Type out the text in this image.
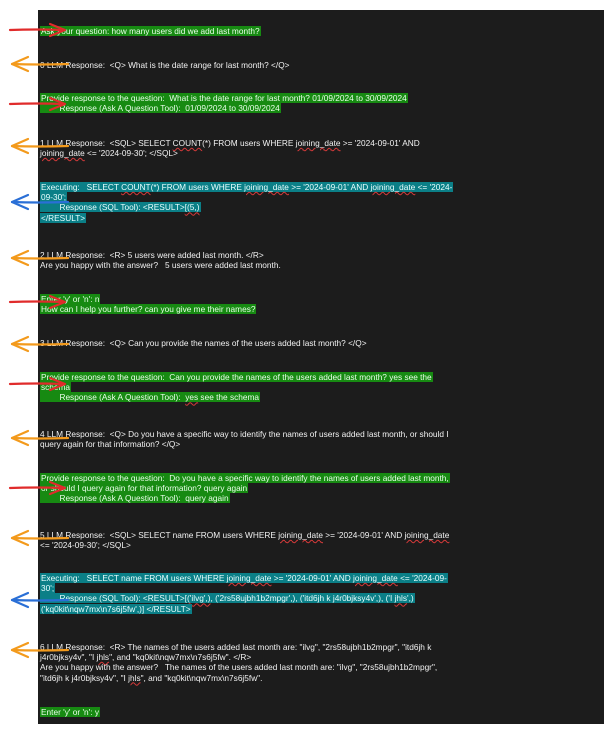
Ask your question: how many users did we add last month?
0 LLM Response:  <Q> What is the date range for last month? </Q>
Provide response to the question:  What is the date range for last month? 01/09/2024 to 30/09/2024
Response (Ask A Question Tool):  01/09/2024 to 30/09/2024
1 LLM Response:  <SQL> SELECT COUNT(*) FROM users WHERE joining_date >= '2024-09-01' AND
joining_date <= '2024-09-30'; </SQL>
Executing:   SELECT COUNT(*) FROM users WHERE joining_date >= '2024-09-01' AND joining_date <= '2024-
09-30';
Response (SQL Tool): <RESULT>[(5,)
</RESULT>
2 LLM Response:  <R> 5 users were added last month. </R>
Are you happy with the answer?   5 users were added last month.
Enter 'y' or 'n': n
How can I help you further? can you give me their names?
3 LLM Response:  <Q> Can you provide the names of the users added last month? </Q>
Provide response to the question:  Can you provide the names of the users added last month? yes see the
schema
Response (Ask A Question Tool):  yes see the schema
4 LLM Response:  <Q> Do you have a specific way to identify the names of users added last month, or should I
query again for that information? </Q>
Provide response to the question:  Do you have a specific way to identify the names of users added last month,
or should I query again for that information? query again
Response (Ask A Question Tool):  query again
5 LLM Response:  <SQL> SELECT name FROM users WHERE joining_date >= '2024-09-01' AND joining_date
<= '2024-09-30'; </SQL>
Executing:   SELECT name FROM users WHERE joining_date >= '2024-09-01' AND joining_date <= '2024-09-
30';
Response (SQL Tool): <RESULT>[('ilvg',), ('2rs58ujbh1b2mpgr',), ('itd6jh k j4r0bjksy4v',), ('I jhls',)
('kq0kit\nqw7mx\n7s6j5fw',)] </RESULT>
6 LLM Response:  <R> The names of the users added last month are: "ilvg", "2rs58ujbh1b2mpgr", "itd6jh k
j4r0bjksy4v", "I jhls", and "kq0kit\nqw7mx\n7s6j5fw". </R>
Are you happy with the answer?   The names of the users added last month are: "ilvg", "2rs58ujbh1b2mpgr",
"itd6jh k j4r0bjksy4v", "I jhls", and "kq0kit\nqw7mx\n7s6j5fw".
Enter 'y' or 'n': y
